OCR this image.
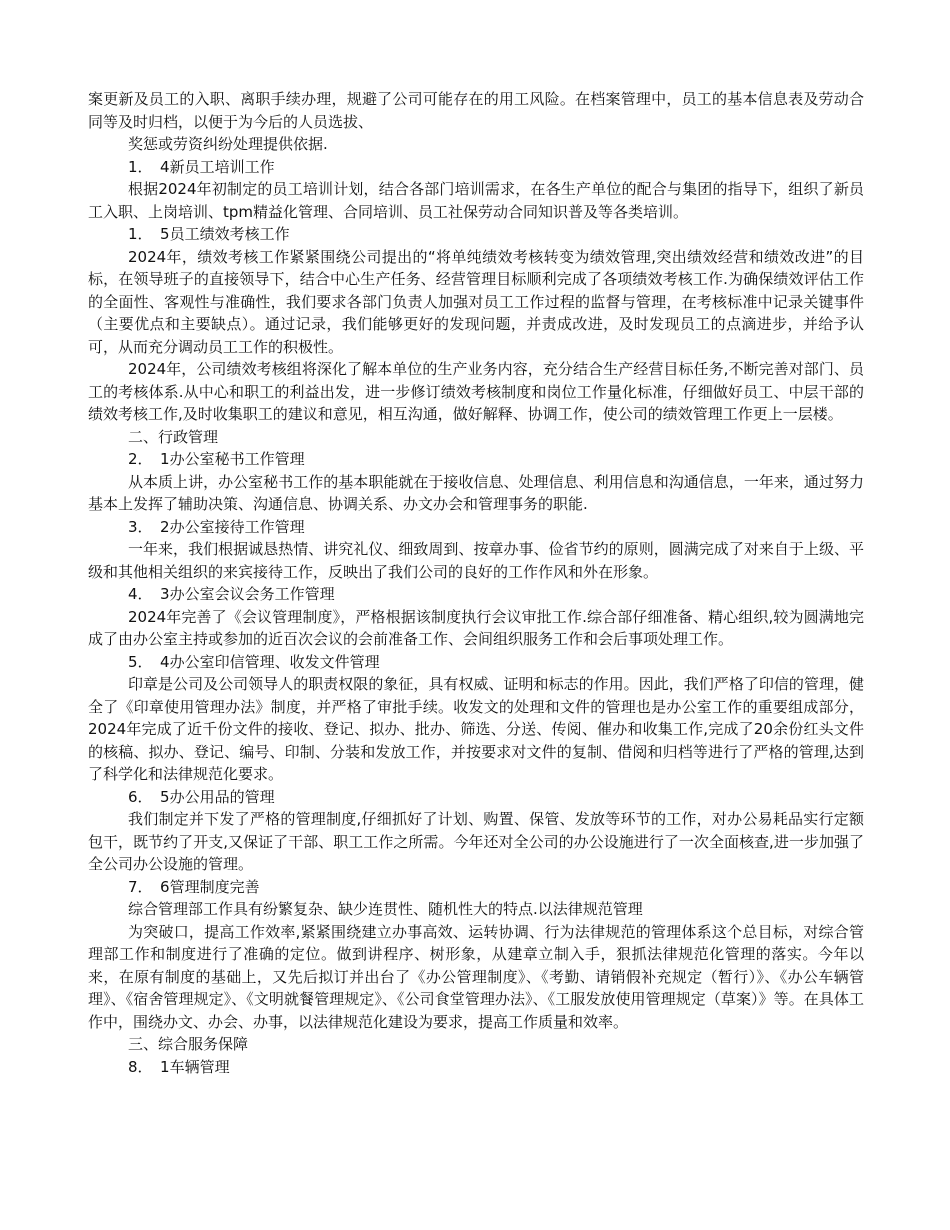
案更新及员工的入职、离职手续办理，规避了公司可能存在的用工风险。在档案管理中，员工的基本信息表及劳动合同等及时归档，以便于为今后的人员选拔、

奖惩或劳资纠纷处理提供依据.

1．　4新员工培训工作

根据2024年初制定的员工培训计划，结合各部门培训需求，在各生产单位的配合与集团的指导下，组织了新员工入职、上岗培训、tpm精益化管理、合同培训、员工社保劳动合同知识普及等各类培训。

1．　5员工绩效考核工作

2024年，绩效考核工作紧紧围绕公司提出的“将单纯绩效考核转变为绩效管理,突出绩效经营和绩效改进”的目标，在领导班子的直接领导下，结合中心生产任务、经营管理目标顺利完成了各项绩效考核工作.为确保绩效评估工作的全面性、客观性与准确性，我们要求各部门负责人加强对员工工作过程的监督与管理，在考核标准中记录关键事件（主要优点和主要缺点）。通过记录，我们能够更好的发现问题，并责成改进，及时发现员工的点滴进步，并给予认可，从而充分调动员工工作的积极性。

2024年，公司绩效考核组将深化了解本单位的生产业务内容，充分结合生产经营目标任务,不断完善对部门、员工的考核体系.从中心和职工的利益出发，进一步修订绩效考核制度和岗位工作量化标准，仔细做好员工、中层干部的绩效考核工作,及时收集职工的建议和意见，相互沟通，做好解释、协调工作，使公司的绩效管理工作更上一层楼。

二、行政管理

2．　1办公室秘书工作管理

从本质上讲，办公室秘书工作的基本职能就在于接收信息、处理信息、利用信息和沟通信息，一年来，通过努力基本上发挥了辅助决策、沟通信息、协调关系、办文办会和管理事务的职能.

3．　2办公室接待工作管理

一年来，我们根据诚恳热情、讲究礼仪、细致周到、按章办事、俭省节约的原则，圆满完成了对来自于上级、平级和其他相关组织的来宾接待工作，反映出了我们公司的良好的工作作风和外在形象。

4．　3办公室会议会务工作管理

2024年完善了《会议管理制度》，严格根据该制度执行会议审批工作.综合部仔细准备、精心组织,较为圆满地完成了由办公室主持或参加的近百次会议的会前准备工作、会间组织服务工作和会后事项处理工作。

5．　4办公室印信管理、收发文件管理

印章是公司及公司领导人的职责权限的象征，具有权威、证明和标志的作用。因此，我们严格了印信的管理，健全了《印章使用管理办法》制度，并严格了审批手续。收发文的处理和文件的管理也是办公室工作的重要组成部分，2024年完成了近千份文件的接收、登记、拟办、批办、筛选、分送、传阅、催办和收集工作,完成了20余份红头文件的核稿、拟办、登记、编号、印制、分装和发放工作，并按要求对文件的复制、借阅和归档等进行了严格的管理,达到了科学化和法律规范化要求。

6．　5办公用品的管理

我们制定并下发了严格的管理制度,仔细抓好了计划、购置、保管、发放等环节的工作，对办公易耗品实行定额包干，既节约了开支,又保证了干部、职工工作之所需。今年还对全公司的办公设施进行了一次全面核查,进一步加强了全公司办公设施的管理。

7．　6管理制度完善

综合管理部工作具有纷繁复杂、缺少连贯性、随机性大的特点.以法律规范管理

为突破口，提高工作效率,紧紧围绕建立办事高效、运转协调、行为法律规范的管理体系这个总目标，对综合管理部工作和制度进行了准确的定位。做到讲程序、树形象，从建章立制入手，狠抓法律规范化管理的落实。今年以来，在原有制度的基础上，又先后拟订并出台了《办公管理制度》、《考勤、请销假补充规定（暂行）》、《办公车辆管理》、《宿舍管理规定》、《文明就餐管理规定》、《公司食堂管理办法》、《工服发放使用管理规定（草案）》等。在具体工作中，围绕办文、办会、办事，以法律规范化建设为要求，提高工作质量和效率。

三、综合服务保障

8．　1车辆管理
